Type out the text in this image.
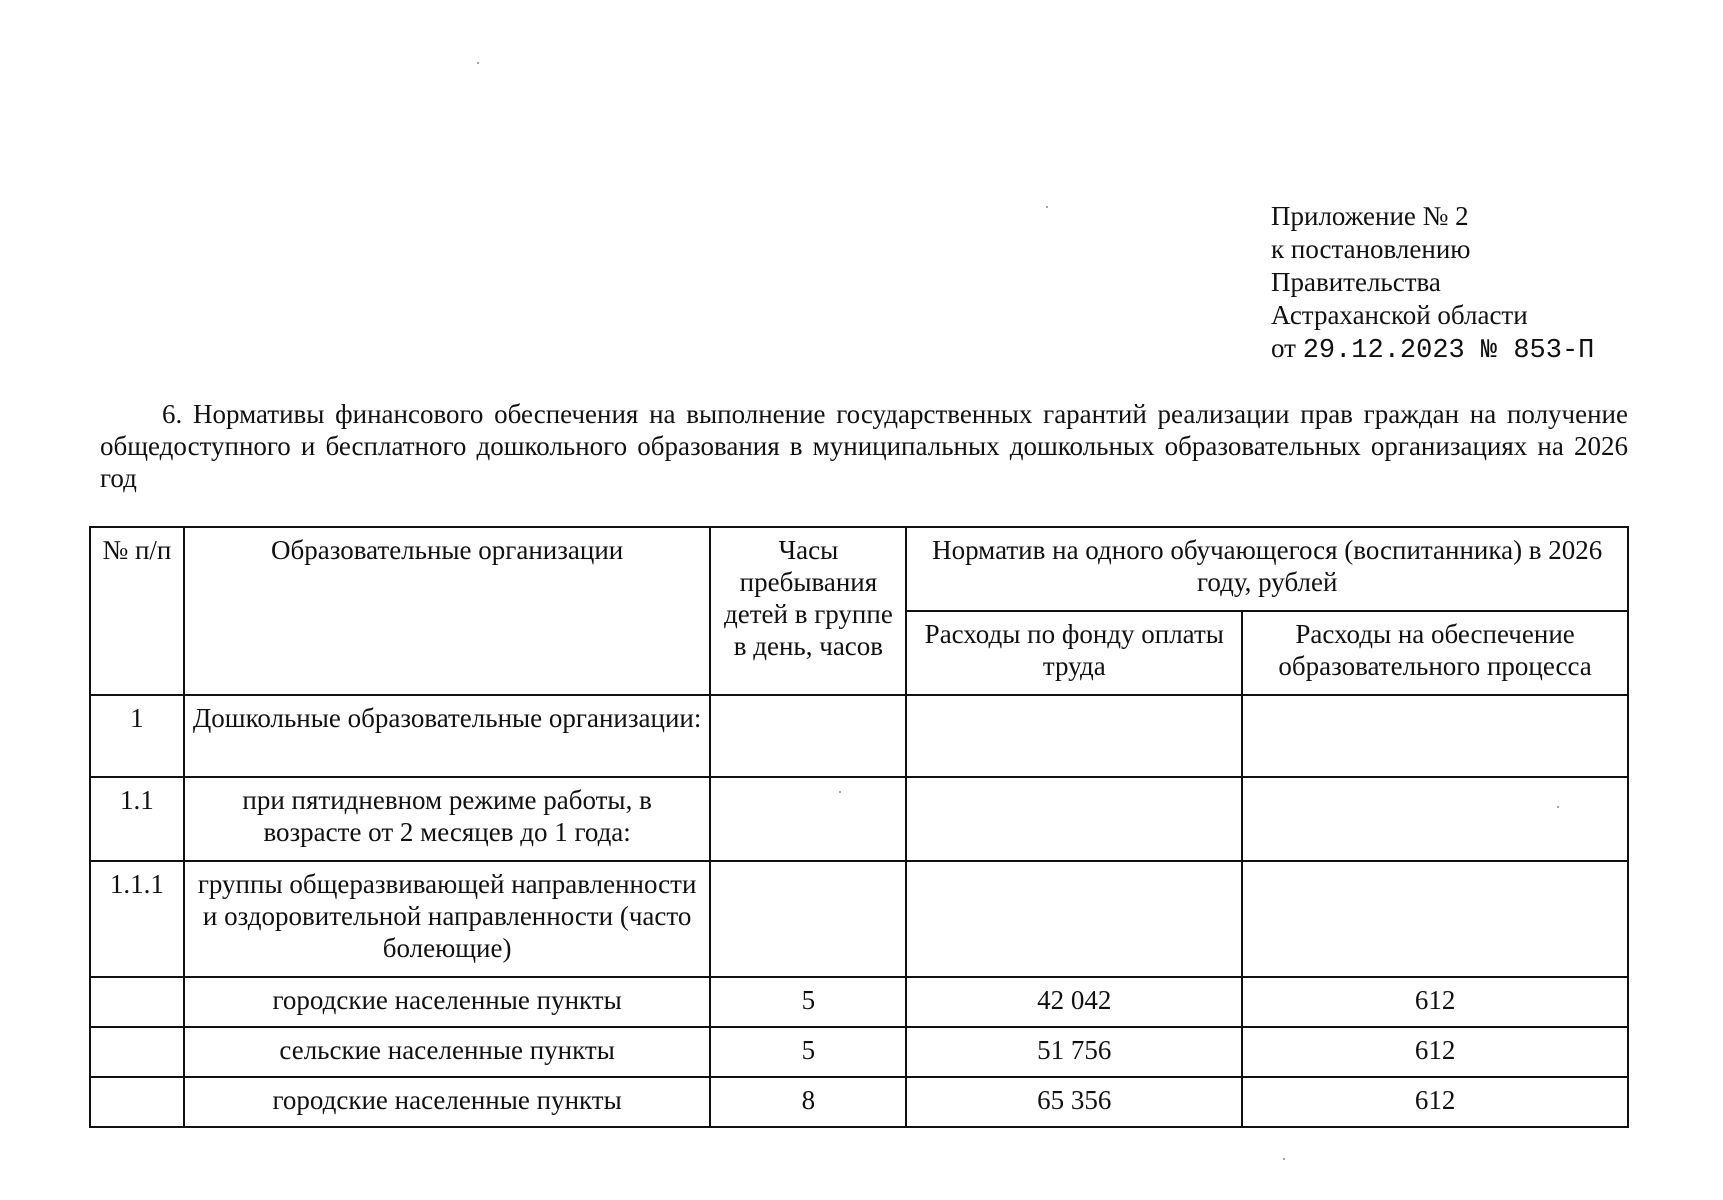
Приложение № 2
к постановлению
Правительства
Астраханской области
от 29.12.2023 № 853-П
6. Нормативы финансового обеспечения на выполнение государственных гарантий реализации прав граждан на получение общедоступного и бесплатного дошкольного образования в муниципальных дошкольных образовательных организациях на 2026 год
№ п/п	Образовательные организации	Часы пребывания детей в группе в день, часов	Норматив на одного обучающегося (воспитанника) в 2026 году, рублей	
			Расходы по фонду оплаты труда	Расходы на обеспечение образовательного процесса
1	Дошкольные образовательные организации:			
1.1	при пятидневном режиме работы, в возрасте от 2 месяцев до 1 года:			
1.1.1	группы общеразвивающей направленности и оздоровительной направленности (часто болеющие)			
	городские населенные пункты	5	42 042	612
	сельские населенные пункты	5	51 756	612
	городские населенные пункты	8	65 356	612
